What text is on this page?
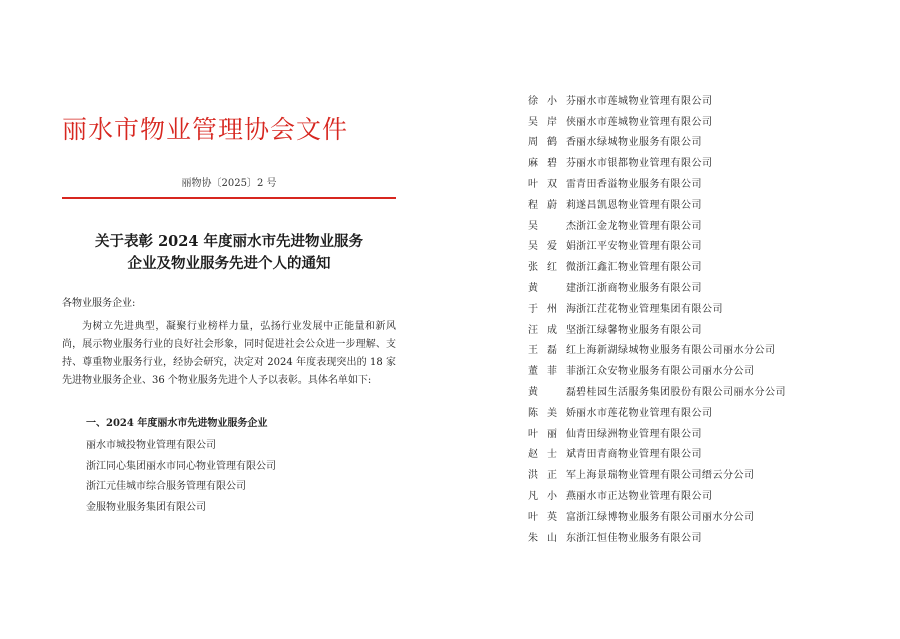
丽水市物业管理协会文件
丽物协〔2025〕2 号
关于表彰 2024 年度丽水市先进物业服务
企业及物业服务先进个人的通知
各物业服务企业:

为树立先进典型，凝聚行业榜样力量，弘扬行业发展中正能量和新风尚，展示物业服务行业的良好社会形象，同时促进社会公众进一步理解、支持、尊重物业服务行业，经协会研究，决定对 2024 年度表现突出的 18 家先进物业服务企业、36 个物业服务先进个人予以表彰。具体名单如下:

一、2024 年度丽水市先进物业服务企业
丽水市城投物业管理有限公司
浙江同心集团丽水市同心物业管理有限公司
浙江元佳城市综合服务管理有限公司
金服物业服务集团有限公司
徐小芬 丽水市莲城物业管理有限公司
吴岸侠 丽水市莲城物业管理有限公司
周鹤香 丽水绿城物业服务有限公司
麻碧芬 丽水市银都物业管理有限公司
叶双雷 青田香溢物业服务有限公司
程蔚莉 遂昌凯恩物业管理有限公司
吴杰 浙江金龙物业管理有限公司
吴爱娟 浙江平安物业管理有限公司
张红微 浙江鑫汇物业管理有限公司
黄建 浙江浙商物业服务有限公司
于州海 浙江茳花物业管理集团有限公司
汪成坚 浙江绿馨物业服务有限公司
王磊红 上海新湖绿城物业服务有限公司丽水分公司
董菲菲 浙江众安物业服务有限公司丽水分公司
黄磊 碧桂园生活服务集团股份有限公司丽水分公司
陈美娇 丽水市莲花物业管理有限公司
叶丽仙 青田绿洲物业管理有限公司
赵士斌 青田青商物业管理有限公司
洪正军 上海景瑞物业管理有限公司缙云分公司
凡小燕 丽水市正达物业管理有限公司
叶英富 浙江绿博物业服务有限公司丽水分公司
朱山东 浙江恒佳物业服务有限公司
